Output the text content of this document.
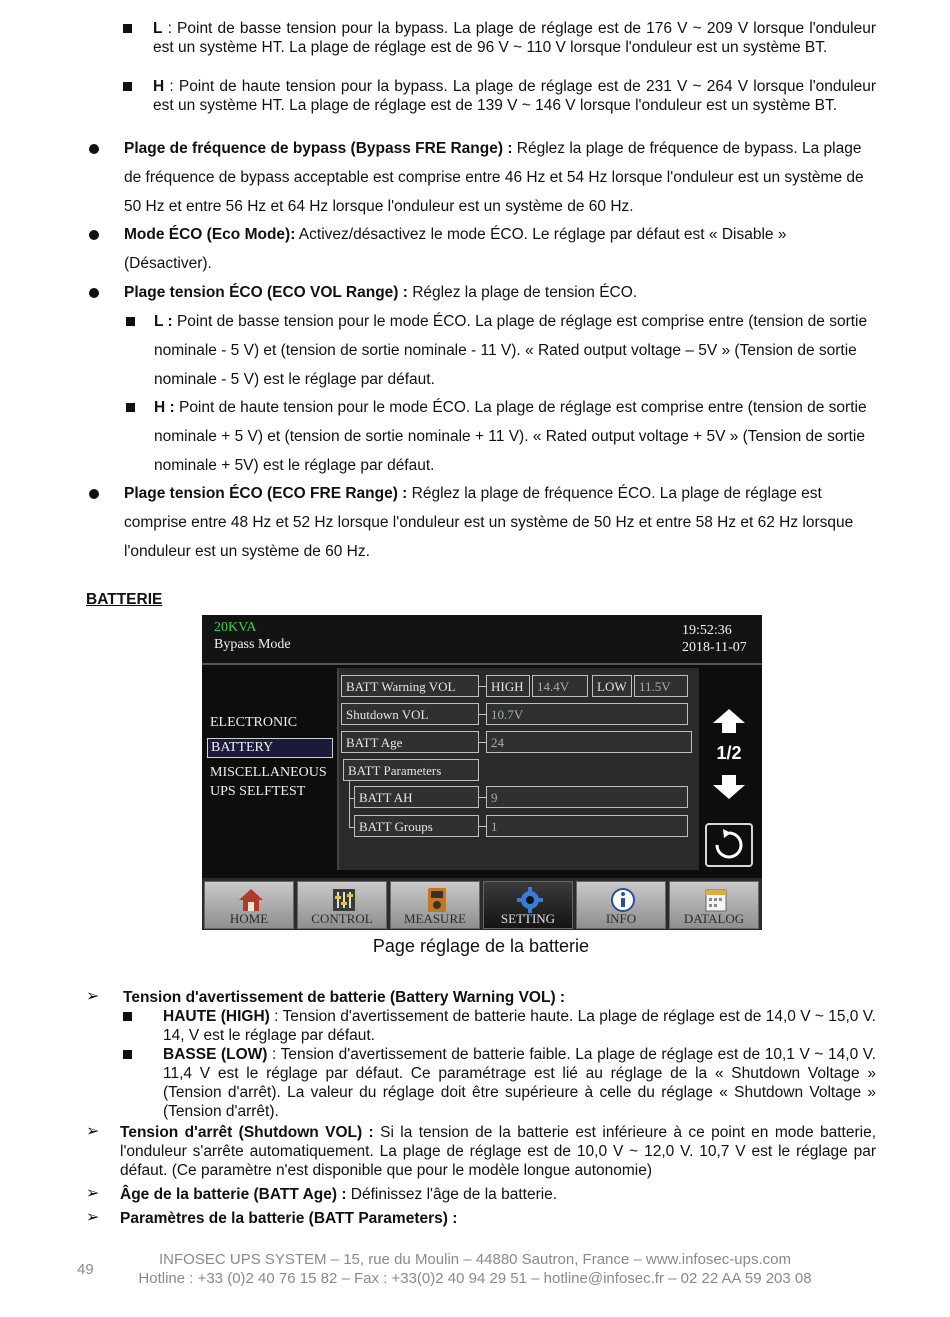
L : Point de basse tension pour la bypass. La plage de réglage est de 176 V ~ 209 V lorsque l'onduleur est un système HT. La plage de réglage est de 96 V ~ 110 V lorsque l'onduleur est un système BT.
H : Point de haute tension pour la bypass. La plage de réglage est de 231 V ~ 264 V lorsque l'onduleur est un système HT. La plage de réglage est de 139 V ~ 146 V lorsque l'onduleur est un système BT.
Plage de fréquence de bypass (Bypass FRE Range) : Réglez la plage de fréquence de bypass. La plage de fréquence de bypass acceptable est comprise entre 46 Hz et 54 Hz lorsque l'onduleur est un système de 50 Hz et entre 56 Hz et 64 Hz lorsque l'onduleur est un système de 60 Hz.
Mode ÉCO (Eco Mode): Activez/désactivez le mode ÉCO. Le réglage par défaut est « Disable » (Désactiver).
Plage tension ÉCO (ECO VOL Range) : Réglez la plage de tension ÉCO.
L : Point de basse tension pour le mode ÉCO. La plage de réglage est comprise entre (tension de sortie nominale - 5 V) et (tension de sortie nominale - 11 V). « Rated output voltage – 5V » (Tension de sortie nominale - 5 V) est le réglage par défaut.
H : Point de haute tension pour le mode ÉCO. La plage de réglage est comprise entre (tension de sortie nominale + 5 V) et (tension de sortie nominale + 11 V). « Rated output voltage + 5V » (Tension de sortie nominale + 5V) est le réglage par défaut.
Plage tension ÉCO (ECO FRE Range) : Réglez la plage de fréquence ÉCO. La plage de réglage est comprise entre 48 Hz et 52 Hz lorsque l'onduleur est un système de 50 Hz et entre 58 Hz et 62 Hz lorsque l'onduleur est un système de 60 Hz.
BATTERIE
20KVA
Bypass Mode
19:52:36
2018-11-07
ELECTRONIC
BATTERY
MISCELLANEOUS
UPS SELFTEST
BATT Warning VOL	HIGH	14.4V	LOW 11.5V
Shutdown VOL	10.7V
BATT Age	24
BATT Parameters
BATT AH	9
BATT Groups	1
1/2
HOME	CONTROL	MEASURE	SETTING	INFO	DATALOG
Page réglage de la batterie
➢ Tension d'avertissement de batterie (Battery Warning VOL) :
HAUTE (HIGH) : Tension d'avertissement de batterie haute. La plage de réglage est de 14,0 V ~ 15,0 V. 14, V est le réglage par défaut.
BASSE (LOW) : Tension d'avertissement de batterie faible. La plage de réglage est de 10,1 V ~ 14,0 V. 11,4 V est le réglage par défaut. Ce paramétrage est lié au réglage de la « Shutdown Voltage » (Tension d'arrêt). La valeur du réglage doit être supérieure à celle du réglage « Shutdown Voltage » (Tension d'arrêt).
➢ Tension d'arrêt (Shutdown VOL) : Si la tension de la batterie est inférieure à ce point en mode batterie, l'onduleur s'arrête automatiquement. La plage de réglage est de 10,0 V ~ 12,0 V. 10,7 V est le réglage par défaut. (Ce paramètre n'est disponible que pour le modèle longue autonomie)
➢ Âge de la batterie (BATT Age) : Définissez l'âge de la batterie.
➢ Paramètres de la batterie (BATT Parameters) :
49
INFOSEC UPS SYSTEM – 15, rue du Moulin – 44880 Sautron, France – www.infosec-ups.com
Hotline : +33 (0)2 40 76 15 82 – Fax : +33(0)2 40 94 29 51 – hotline@infosec.fr – 02 22 AA 59 203 08
